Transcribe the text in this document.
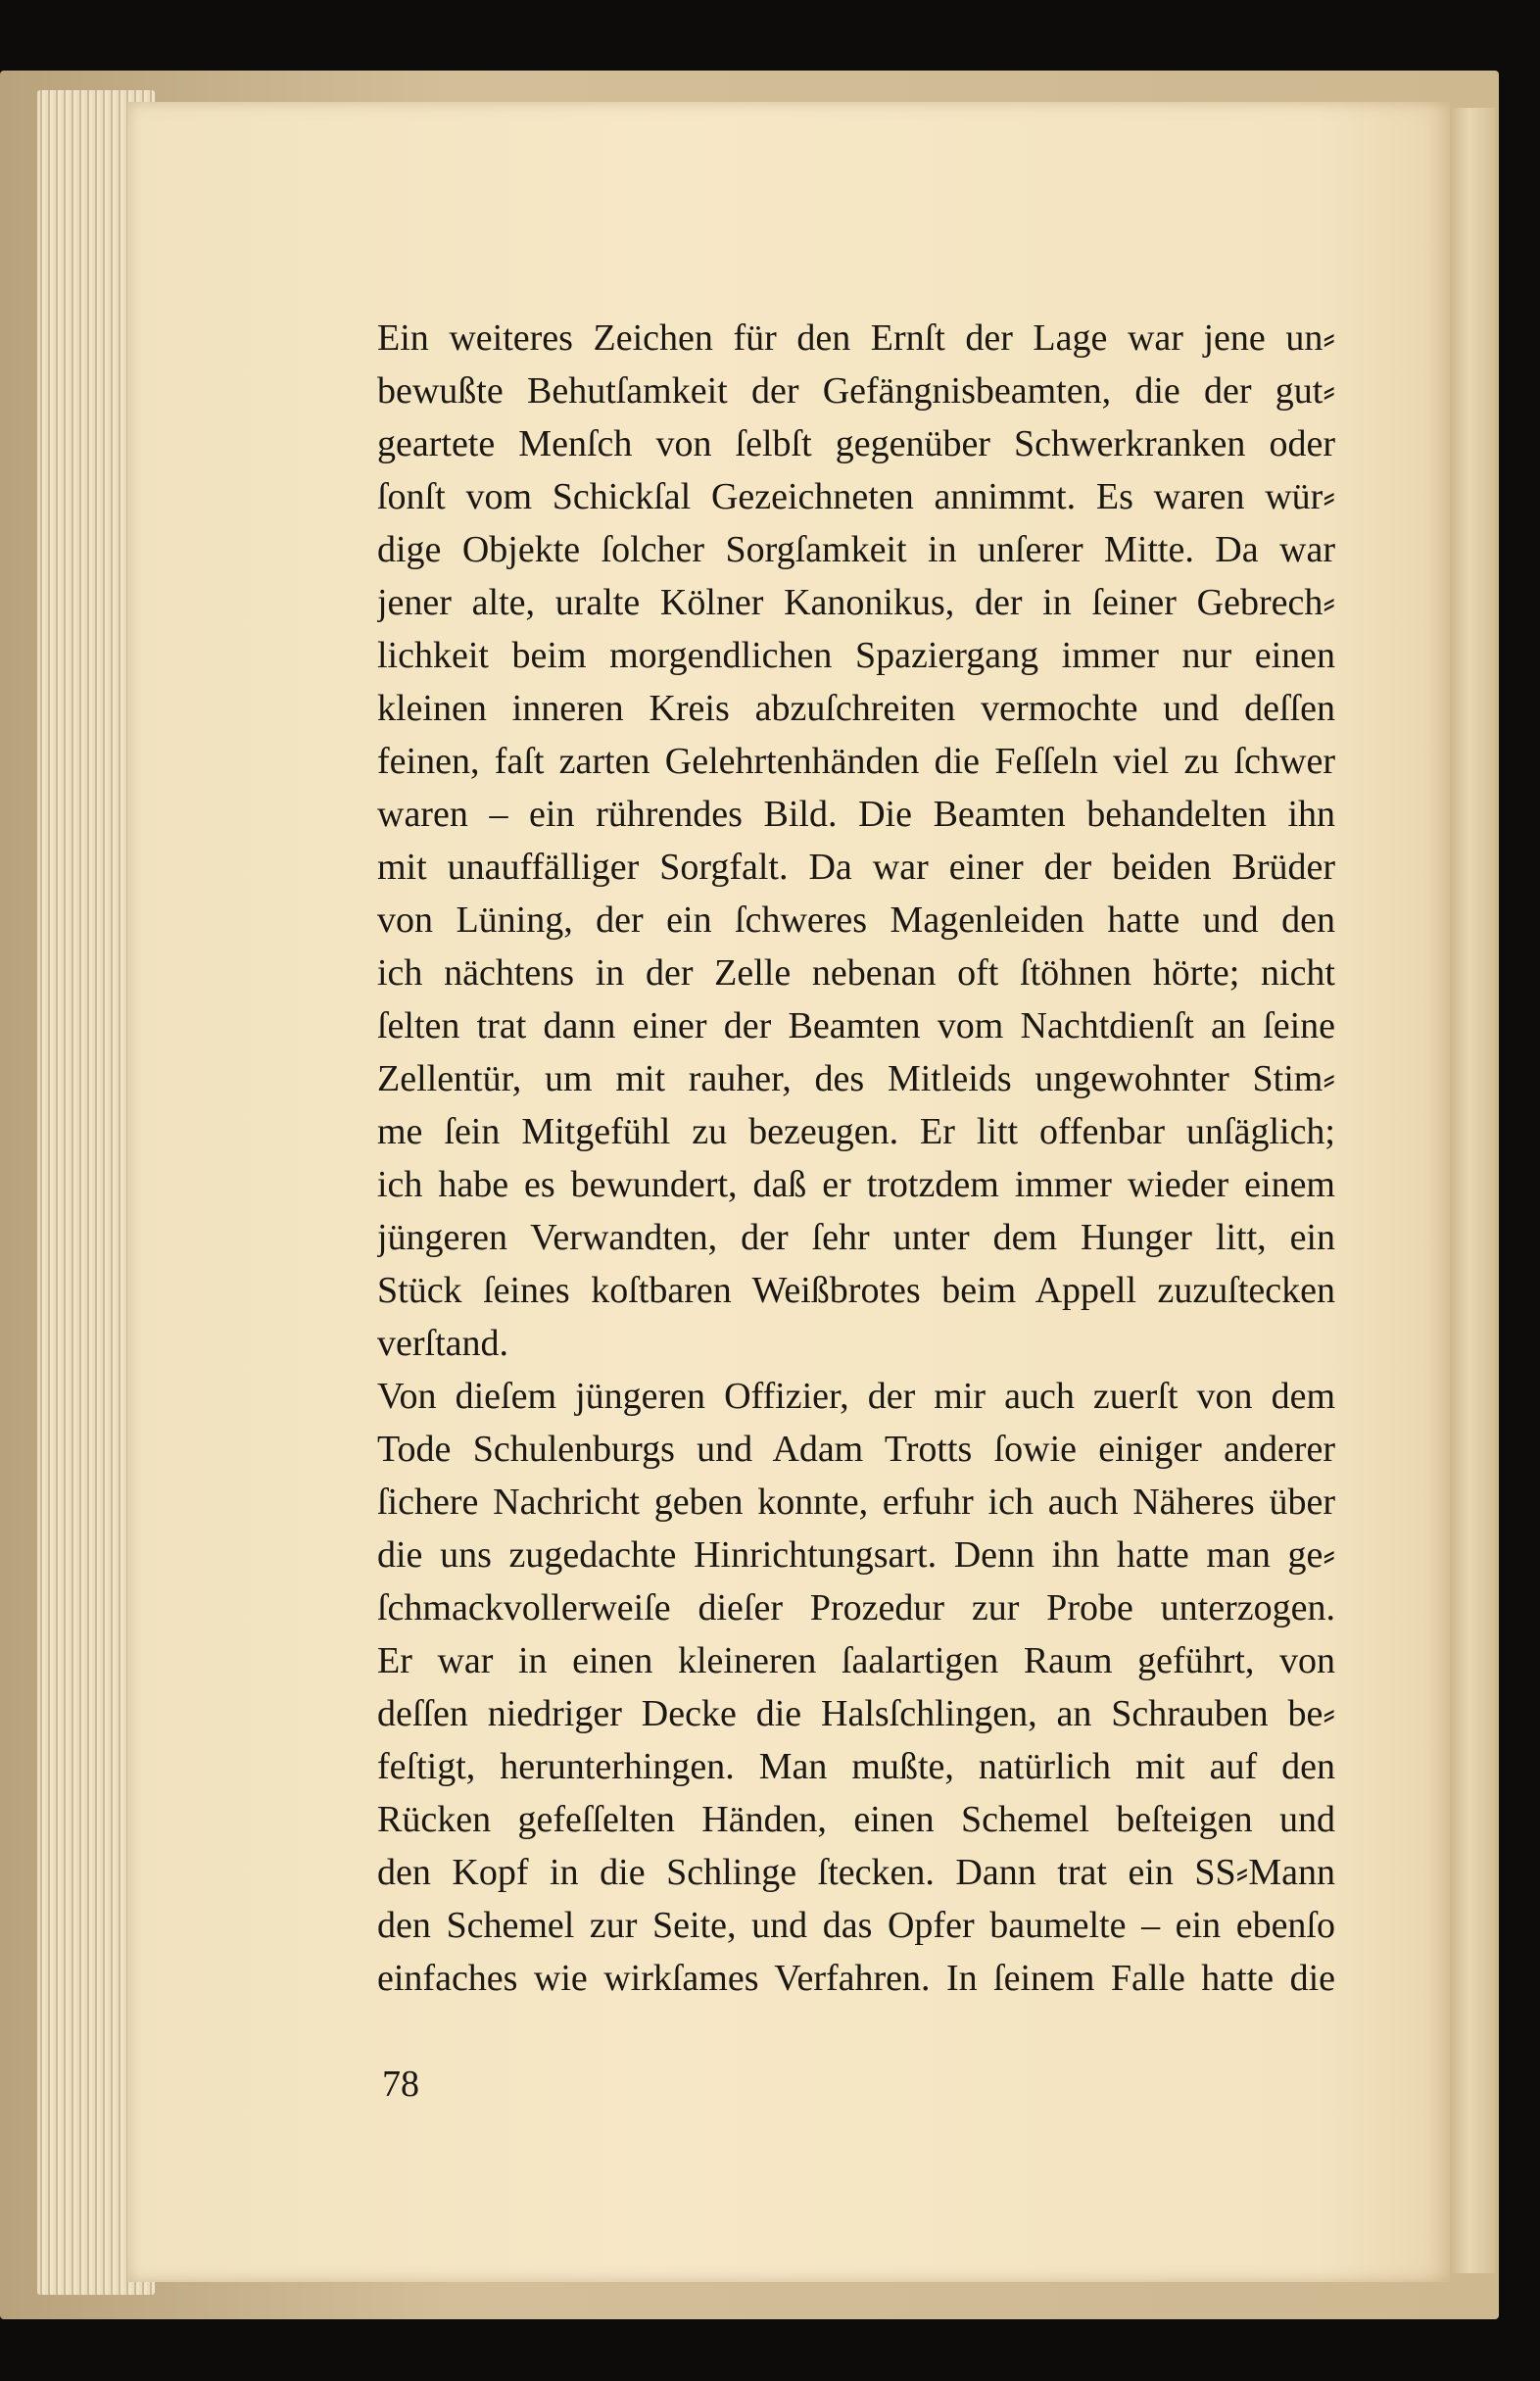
Ein weiteres Zeichen für den Ernſt der Lage war jene un⸗
bewußte Behutſamkeit der Gefängnisbeamten, die der gut⸗
geartete Menſch von ſelbſt gegenüber Schwerkranken oder
ſonſt vom Schickſal Gezeichneten annimmt. Es waren wür⸗
dige Objekte ſolcher Sorgſamkeit in unſerer Mitte. Da war
jener alte, uralte Kölner Kanonikus, der in ſeiner Gebrech⸗
lichkeit beim morgendlichen Spaziergang immer nur einen
kleinen inneren Kreis abzuſchreiten vermochte und deſſen
feinen, faſt zarten Gelehrtenhänden die Feſſeln viel zu ſchwer
waren – ein rührendes Bild. Die Beamten behandelten ihn
mit unauffälliger Sorgfalt. Da war einer der beiden Brüder
von Lüning, der ein ſchweres Magenleiden hatte und den
ich nächtens in der Zelle nebenan oft ſtöhnen hörte; nicht
ſelten trat dann einer der Beamten vom Nachtdienſt an ſeine
Zellentür, um mit rauher, des Mitleids ungewohnter Stim⸗
me ſein Mitgefühl zu bezeugen. Er litt offenbar unſäglich;
ich habe es bewundert, daß er trotzdem immer wieder einem
jüngeren Verwandten, der ſehr unter dem Hunger litt, ein
Stück ſeines koſtbaren Weißbrotes beim Appell zuzuſtecken
verſtand.
Von dieſem jüngeren Offizier, der mir auch zuerſt von dem
Tode Schulenburgs und Adam Trotts ſowie einiger anderer
ſichere Nachricht geben konnte, erfuhr ich auch Näheres über
die uns zugedachte Hinrichtungsart. Denn ihn hatte man ge⸗
ſchmackvollerweiſe dieſer Prozedur zur Probe unterzogen.
Er war in einen kleineren ſaalartigen Raum geführt, von
deſſen niedriger Decke die Halsſchlingen, an Schrauben be⸗
feſtigt, herunterhingen. Man mußte, natürlich mit auf den
Rücken gefeſſelten Händen, einen Schemel beſteigen und
den Kopf in die Schlinge ſtecken. Dann trat ein SS⸗Mann
den Schemel zur Seite, und das Opfer baumelte – ein ebenſo
einfaches wie wirkſames Verfahren. In ſeinem Falle hatte die
78
